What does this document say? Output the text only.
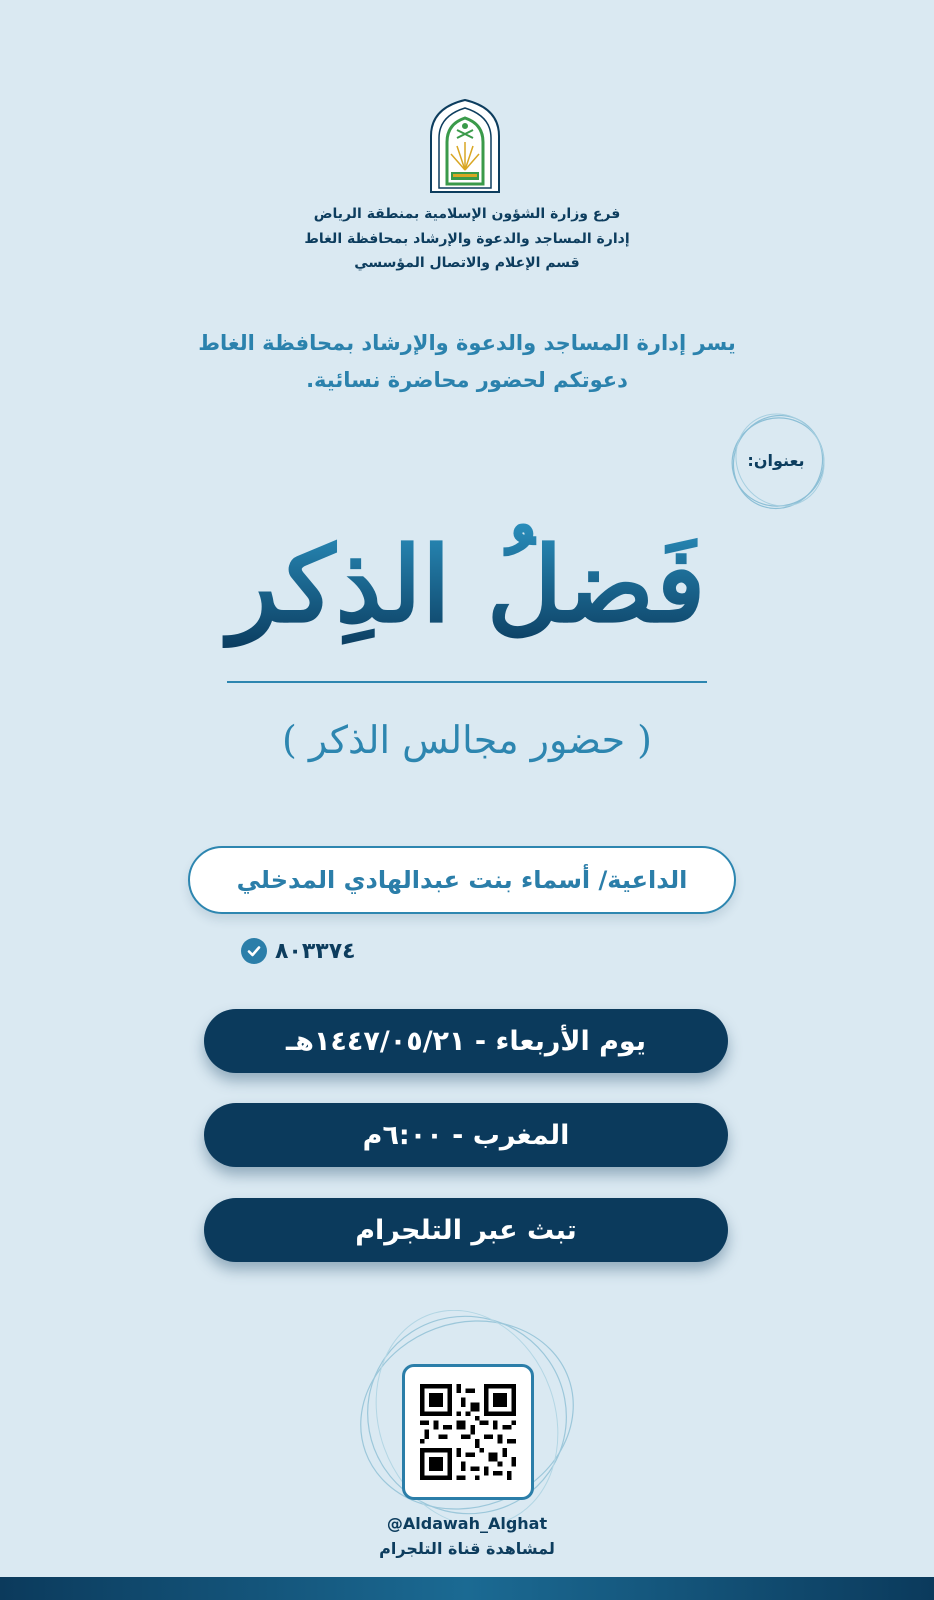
فرع وزارة الشؤون الإسلامية بمنطقة الرياض
إدارة المساجد والدعوة والإرشاد بمحافظة الغاط
قسم الإعلام والاتصال المؤسسي
يسر إدارة المساجد والدعوة والإرشاد بمحافظة الغاط
دعوتكم لحضور محاضرة نسائية.
بعنوان:
فَضلُ الذِكر
( حضور مجالس الذكر )
الداعية/ أسماء بنت عبدالهادي المدخلي
٨٠٣٣٧٤
يوم الأربعاء - ١٤٤٧/٠٥/٢١هـ
المغرب - ٦:٠٠م
تبث عبر التلجرام
@Aldawah_Alghat
لمشاهدة قناة التلجرام
